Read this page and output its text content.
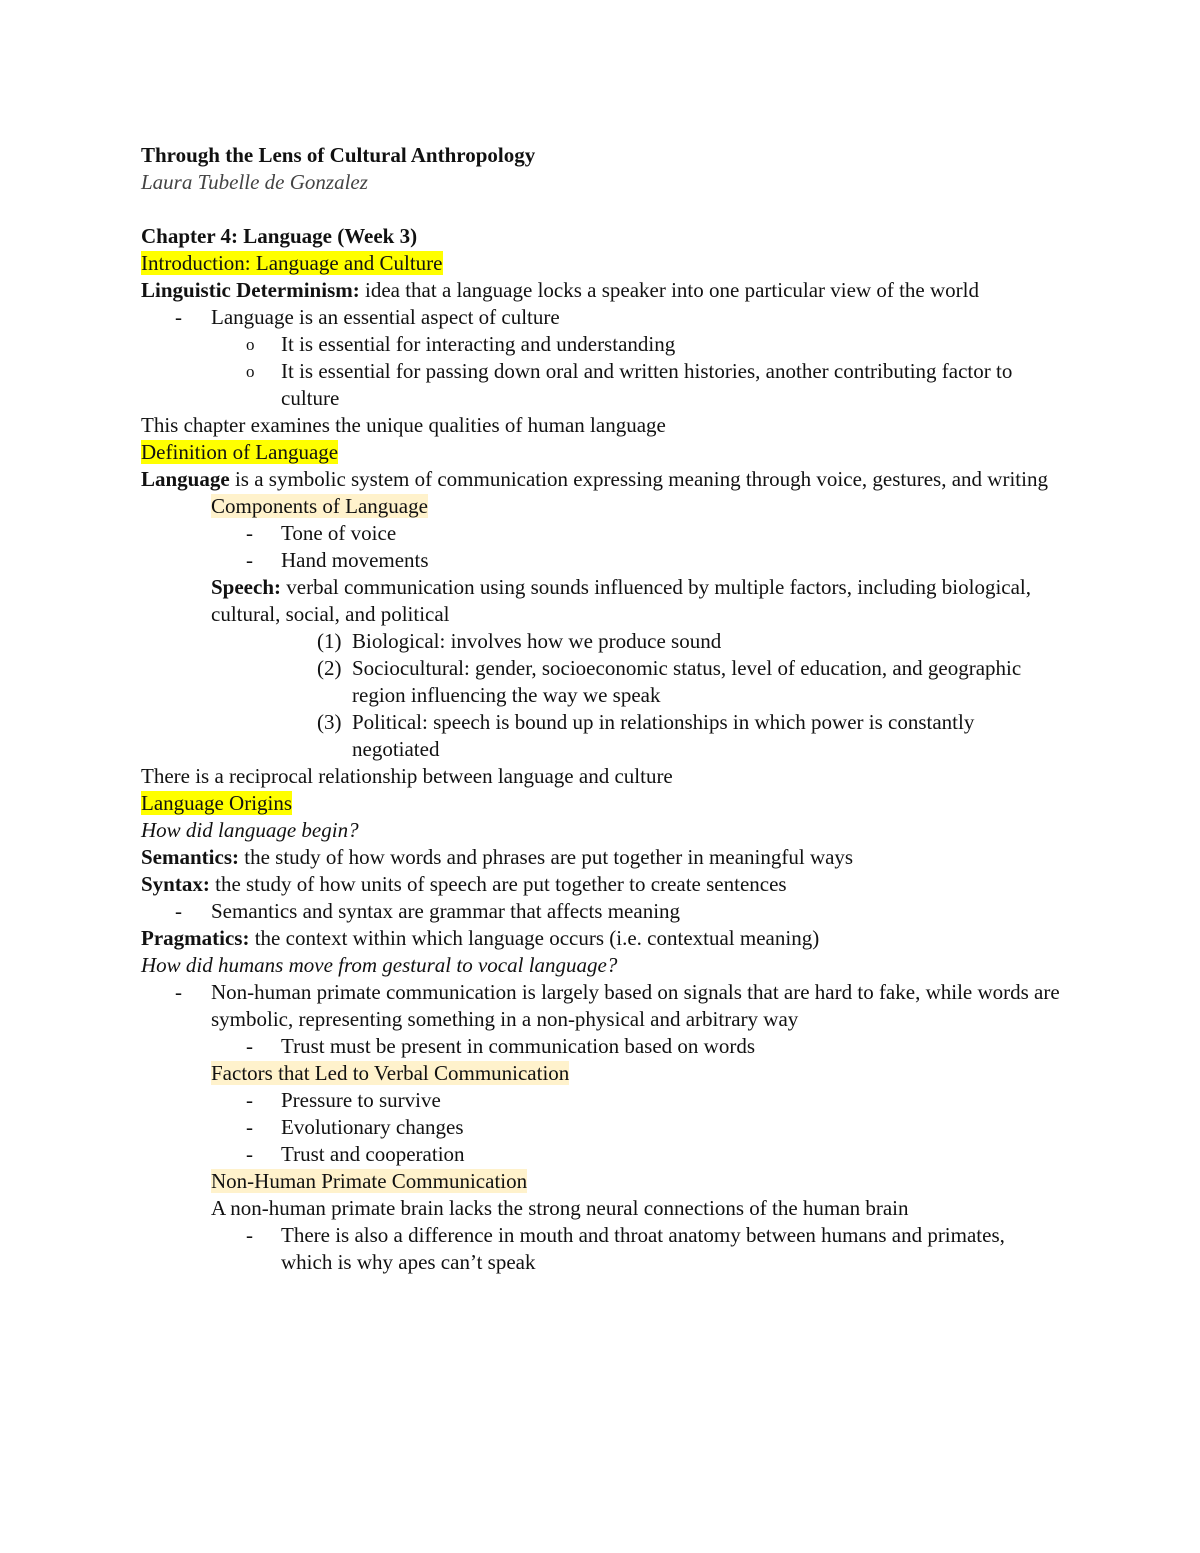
Through the Lens of Cultural Anthropology
Laura Tubelle de Gonzalez
Chapter 4: Language (Week 3)
Introduction: Language and Culture
Linguistic Determinism: idea that a language locks a speaker into one particular view of the world
- Language is an essential aspect of culture
o It is essential for interacting and understanding
o It is essential for passing down oral and written histories, another contributing factor to culture
This chapter examines the unique qualities of human language
Definition of Language
Language is a symbolic system of communication expressing meaning through voice, gestures, and writing
Components of Language
- Tone of voice
- Hand movements
Speech: verbal communication using sounds influenced by multiple factors, including biological, cultural, social, and political
(1) Biological: involves how we produce sound
(2) Sociocultural: gender, socioeconomic status, level of education, and geographic region influencing the way we speak
(3) Political: speech is bound up in relationships in which power is constantly negotiated
There is a reciprocal relationship between language and culture
Language Origins
How did language begin?
Semantics: the study of how words and phrases are put together in meaningful ways
Syntax: the study of how units of speech are put together to create sentences
- Semantics and syntax are grammar that affects meaning
Pragmatics: the context within which language occurs (i.e. contextual meaning)
How did humans move from gestural to vocal language?
- Non-human primate communication is largely based on signals that are hard to fake, while words are symbolic, representing something in a non-physical and arbitrary way
- Trust must be present in communication based on words
Factors that Led to Verbal Communication
- Pressure to survive
- Evolutionary changes
- Trust and cooperation
Non-Human Primate Communication
A non-human primate brain lacks the strong neural connections of the human brain
- There is also a difference in mouth and throat anatomy between humans and primates, which is why apes can’t speak
